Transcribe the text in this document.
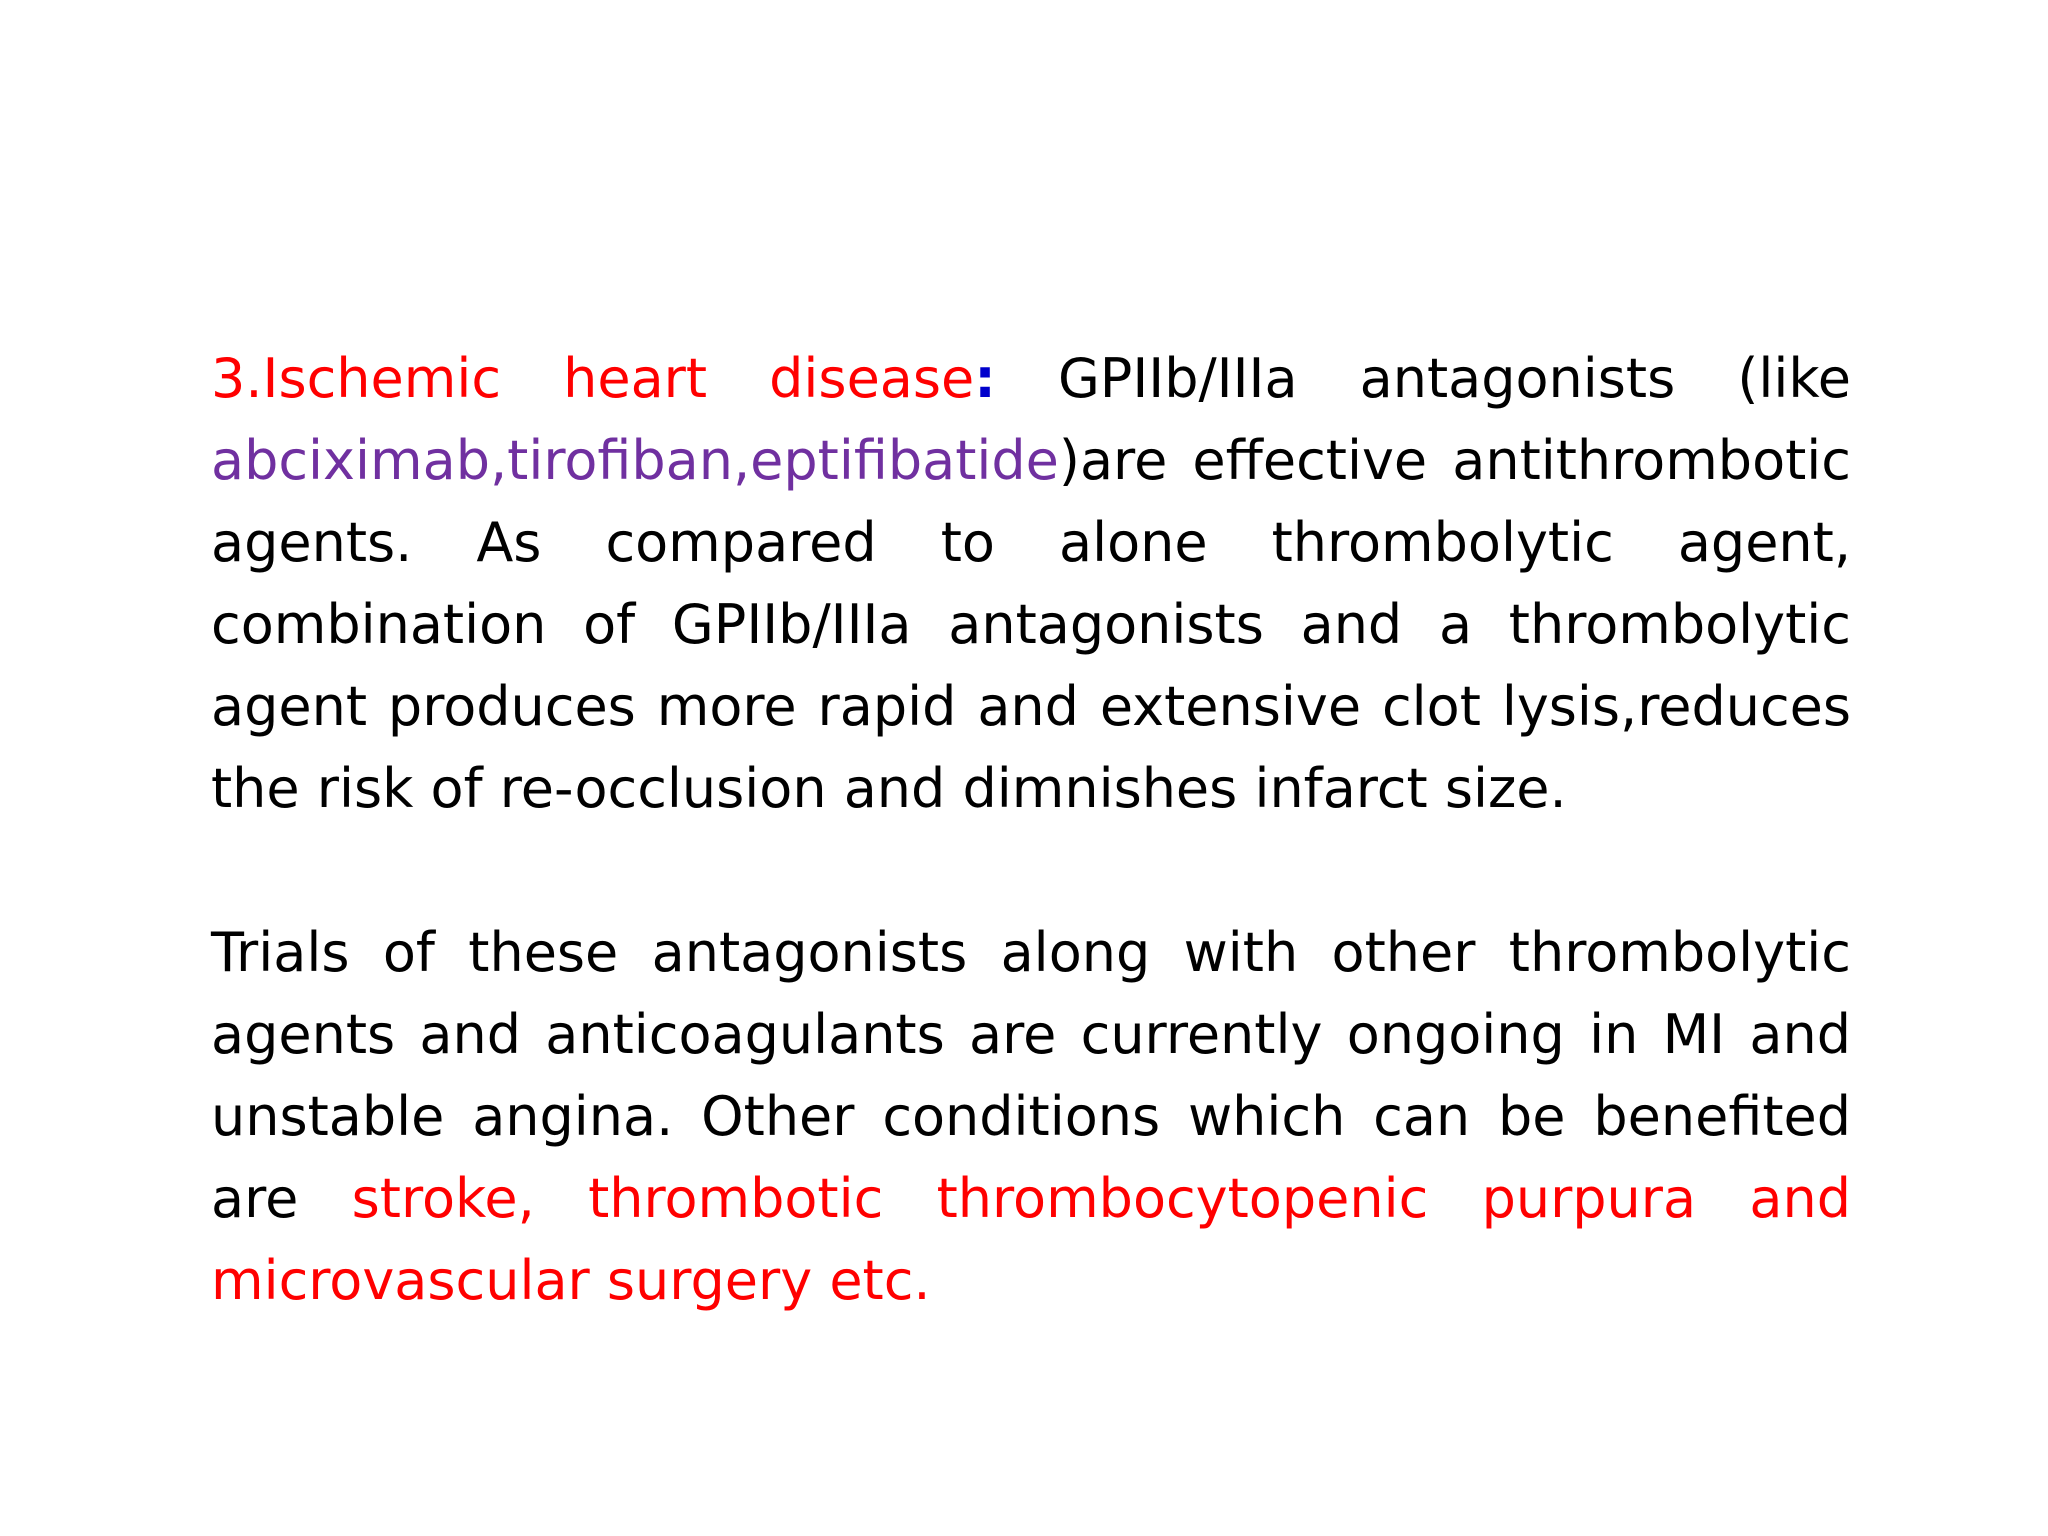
3.Ischemic heart disease: GPIIb/IIIa antagonists (like abciximab,tirofiban,eptifibatide)are effective antithrombotic agents. As compared to alone thrombolytic agent, combination of GPIIb/IIIa antagonists and a thrombolytic agent produces more rapid and extensive clot lysis,reduces the risk of re-occlusion and dimnishes infarct size.

Trials of these antagonists along with other thrombolytic agents and anticoagulants are currently ongoing in MI and unstable angina. Other conditions which can be benefited are stroke, thrombotic thrombocytopenic purpura and microvascular surgery etc.
